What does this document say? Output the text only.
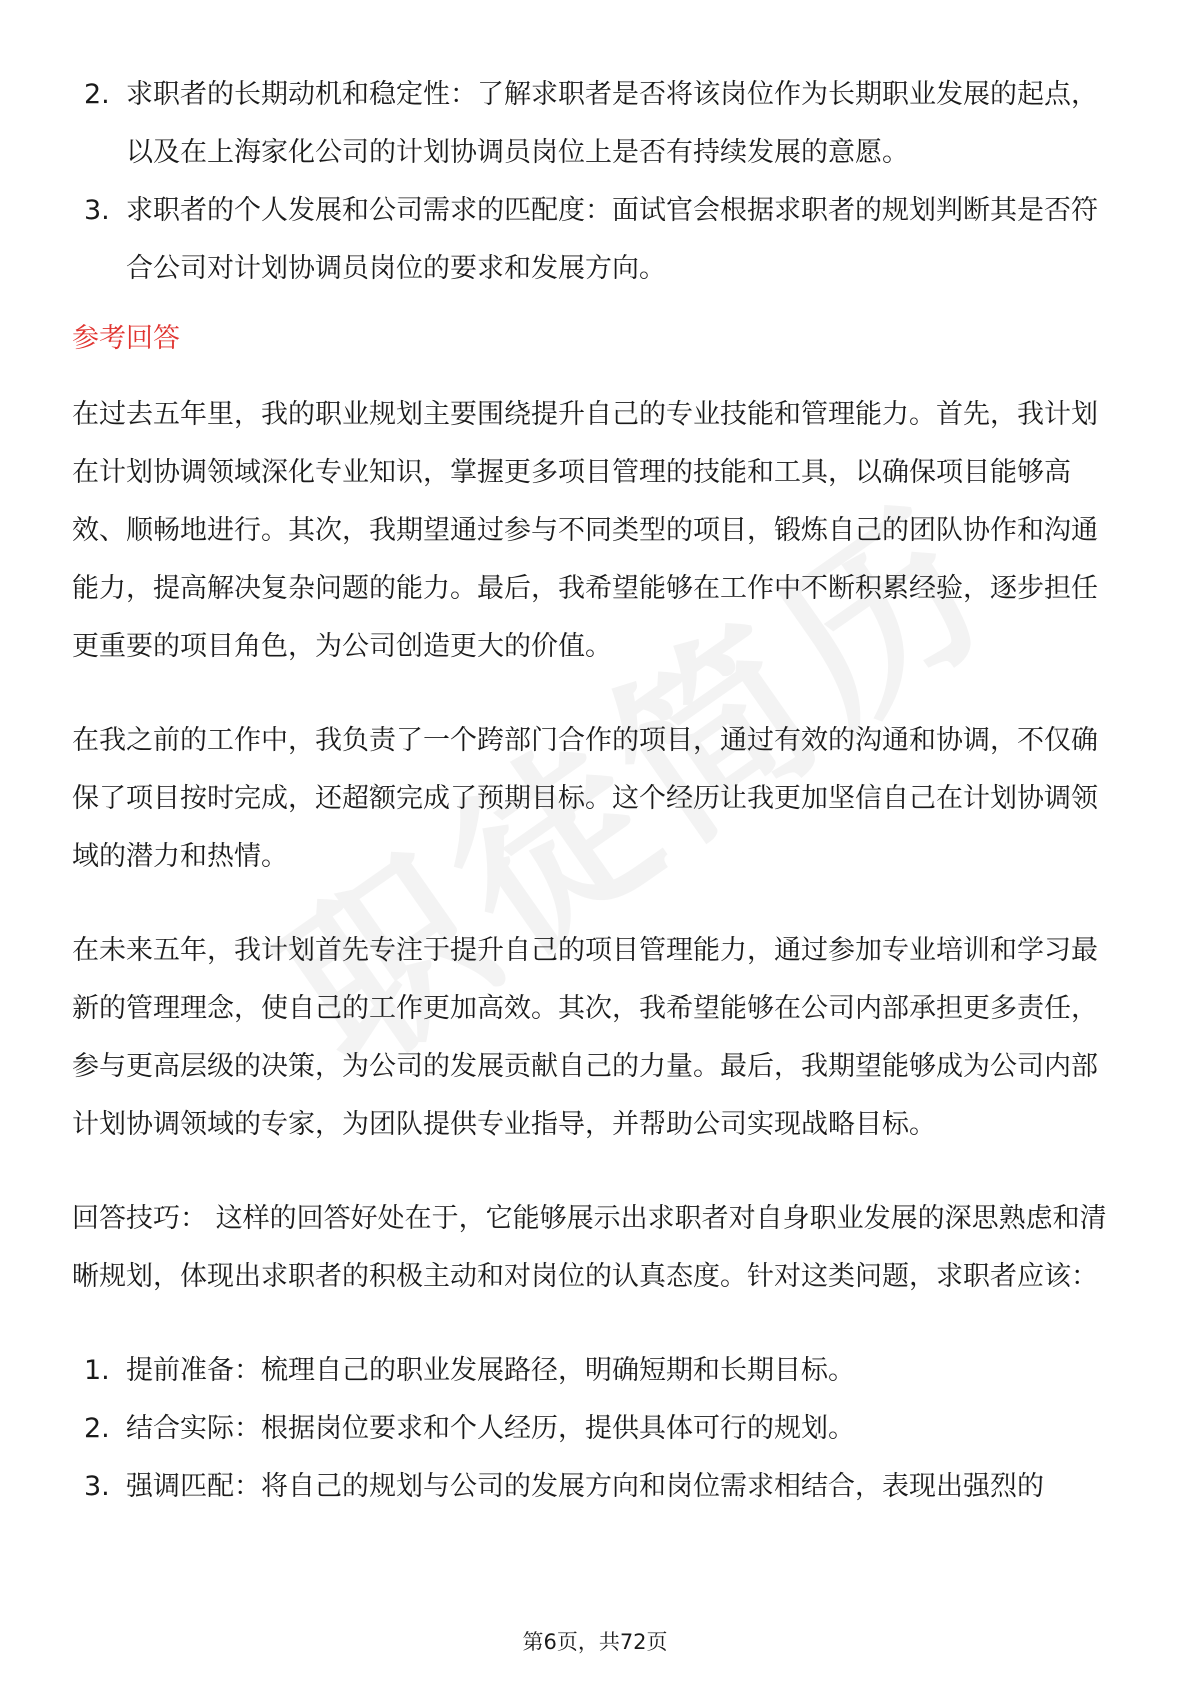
2. 求职者的长期动机和稳定性：了解求职者是否将该岗位作为长期职业发展的起点，以及在上海家化公司的计划协调员岗位上是否有持续发展的意愿。
3. 求职者的个人发展和公司需求的匹配度：面试官会根据求职者的规划判断其是否符合公司对计划协调员岗位的要求和发展方向。
参考回答

在过去五年里，我的职业规划主要围绕提升自己的专业技能和管理能力。首先，我计划在计划协调领域深化专业知识，掌握更多项目管理的技能和工具，以确保项目能够高效、顺畅地进行。其次，我期望通过参与不同类型的项目，锻炼自己的团队协作和沟通能力，提高解决复杂问题的能力。最后，我希望能够在工作中不断积累经验，逐步担任更重要的项目角色，为公司创造更大的价值。

在我之前的工作中，我负责了一个跨部门合作的项目，通过有效的沟通和协调，不仅确保了项目按时完成，还超额完成了预期目标。这个经历让我更加坚信自己在计划协调领域的潜力和热情。

在未来五年，我计划首先专注于提升自己的项目管理能力，通过参加专业培训和学习最新的管理理念，使自己的工作更加高效。其次，我希望能够在公司内部承担更多责任，参与更高层级的决策，为公司的发展贡献自己的力量。最后，我期望能够成为公司内部计划协调领域的专家，为团队提供专业指导，并帮助公司实现战略目标。

回答技巧： 这样的回答好处在于，它能够展示出求职者对自身职业发展的深思熟虑和清晰规划，体现出求职者的积极主动和对岗位的认真态度。针对这类问题，求职者应该：

1. 提前准备：梳理自己的职业发展路径，明确短期和长期目标。
2. 结合实际：根据岗位要求和个人经历，提供具体可行的规划。
3. 强调匹配：将自己的规划与公司的发展方向和岗位需求相结合，表现出强烈的
第6页，共72页
